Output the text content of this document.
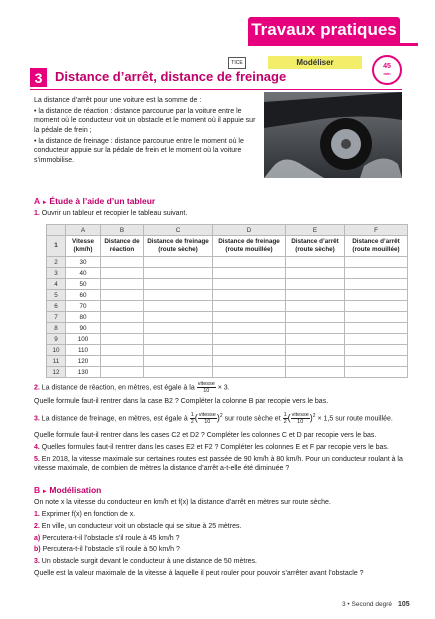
Travaux pratiques
TICE	Modéliser	45
min
3 Distance d’arrêt, distance de freinage
La distance d’arrêt pour une voiture est la somme de :
• la distance de réaction : distance parcourue par la voiture entre le moment où le conducteur voit un obstacle et le moment où il appuie sur la pédale de frein ;
• la distance de freinage : distance parcourue entre le moment où le conducteur appuie sur la pédale de frein et le moment où la voiture s’immobilise.
A ► Étude à l’aide d’un tableur
1. Ouvrir un tableur et recopier le tableau suivant.
	A	B	C	D	E	F
1	Vitesse (km/h)	Distance de réaction	Distance de freinage (route sèche)	Distance de freinage (route mouillée)	Distance d’arrêt (route sèche)	Distance d’arrêt (route mouillée)
2	30					
3	40					
4	50					
5	60					
6	70					
7	80					
8	90					
9	100					
10	110					
11	120					
12	130					
2. La distance de réaction, en mètres, est égale à la $\frac{\text{vitesse}}{10} \times 3$.
Quelle formule faut-il rentrer dans la case B2 ? Compléter la colonne B par recopie vers le bas.
3. La distance de freinage, en mètres, est égale à $\frac{1}{2}$ ( $\frac{\text{vitesse}}{10} )^2$ sur route sèche et $\frac{1}{2}$ ( $\frac{\text{vitesse}}{10} )^2 \times 1,5$ sur route mouillée.
Quelle formule faut-il rentrer dans les cases C2 et D2 ? Compléter les colonnes C et D par recopie vers le bas.
4. Quelles formules faut-il rentrer dans les cases E2 et F2 ? Compléter les colonnes E et F par recopie vers le bas.
5. En 2018, la vitesse maximale sur certaines routes est passée de 90 km/h à 80 km/h. Pour un conducteur roulant à la vitesse maximale, de combien de mètres la distance d’arrêt a-t-elle été diminuée ?
B ► Modélisation
On note x la vitesse du conducteur en km/h et f(x) la distance d’arrêt en mètres sur route sèche.
1. Exprimer f(x) en fonction de x.
2. En ville, un conducteur voit un obstacle qui se situe à 25 mètres.
a) Percutera-t-il l’obstacle s’il roule à 45 km/h ?
b) Percutera-t-il l’obstacle s’il roule à 50 km/h ?
3. Un obstacle surgit devant le conducteur à une distance de 50 mètres.
Quelle est la valeur maximale de la vitesse à laquelle il peut rouler pour pouvoir s’arrêter avant l’obstacle ?
3 • Second degré 105
